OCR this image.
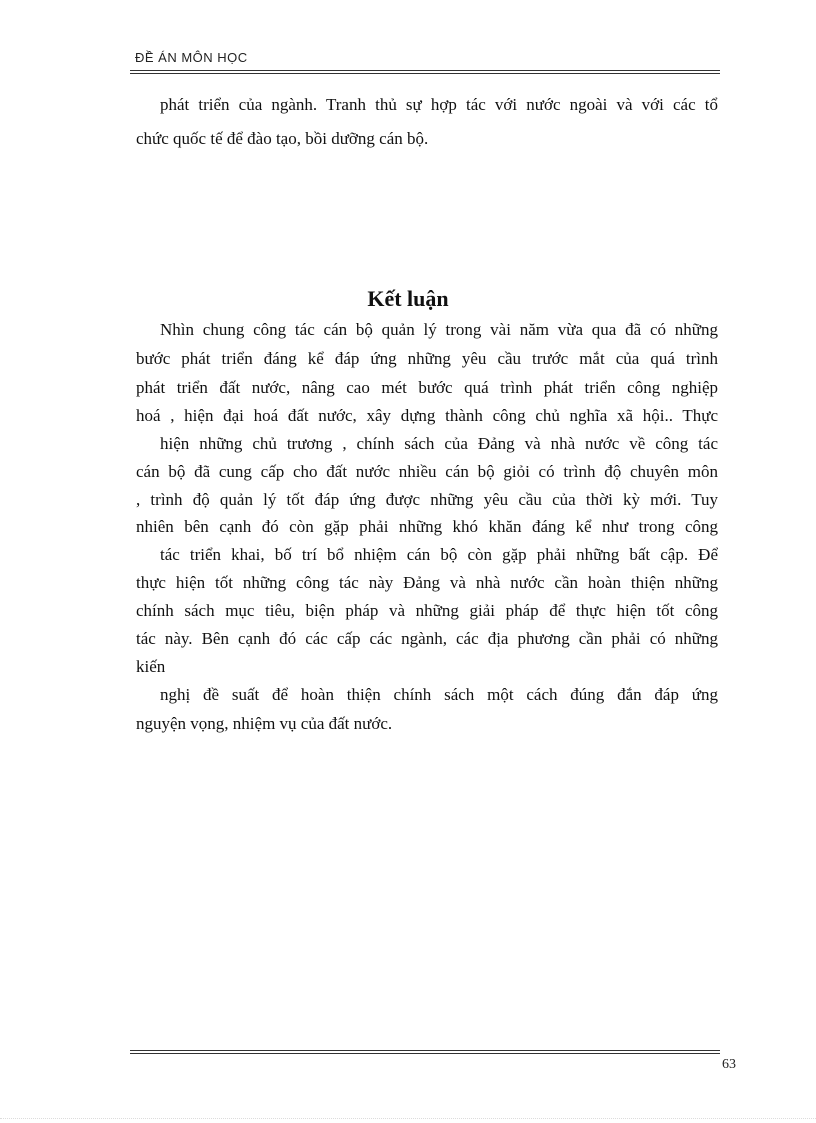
ĐỀ ÁN MÔN HỌC

phát triển của ngành. Tranh thủ sự hợp tác với nước ngoài và với các tổ

chức quốc tế để đào tạo, bồi dưỡng cán bộ.

Kết luận

Nhìn chung công tác cán bộ quản lý trong vài năm vừa qua đã có những

bước phát triển đáng kể đáp ứng những yêu cầu trước mắt của quá trình

phát triển đất nước, nâng cao mét bước quá trình phát triển công nghiệp

hoá , hiện đại hoá đất nước, xây dựng thành công chủ nghĩa xã hội.. Thực

hiện những chủ trương , chính sách của Đảng và nhà nước về công tác

cán bộ đã cung cấp cho đất nước nhiều cán bộ giỏi có trình độ chuyên môn

, trình độ quản lý tốt đáp ứng được những yêu cầu của thời kỳ mới. Tuy

nhiên bên cạnh đó còn gặp phải những khó khăn đáng kể như trong công

tác triển khai, bố trí bổ nhiệm cán bộ còn gặp phải những bất cập. Để

thực hiện tốt những công tác này Đảng và nhà nước cần hoàn thiện những

chính sách mục tiêu, biện pháp và những giải pháp để thực hiện tốt công

tác này. Bên cạnh đó các cấp các ngành, các địa phương cần phải có những

kiến

nghị đề suất để hoàn thiện chính sách một cách đúng đắn đáp ứng

nguyện vọng, nhiệm vụ của đất nước.

63
